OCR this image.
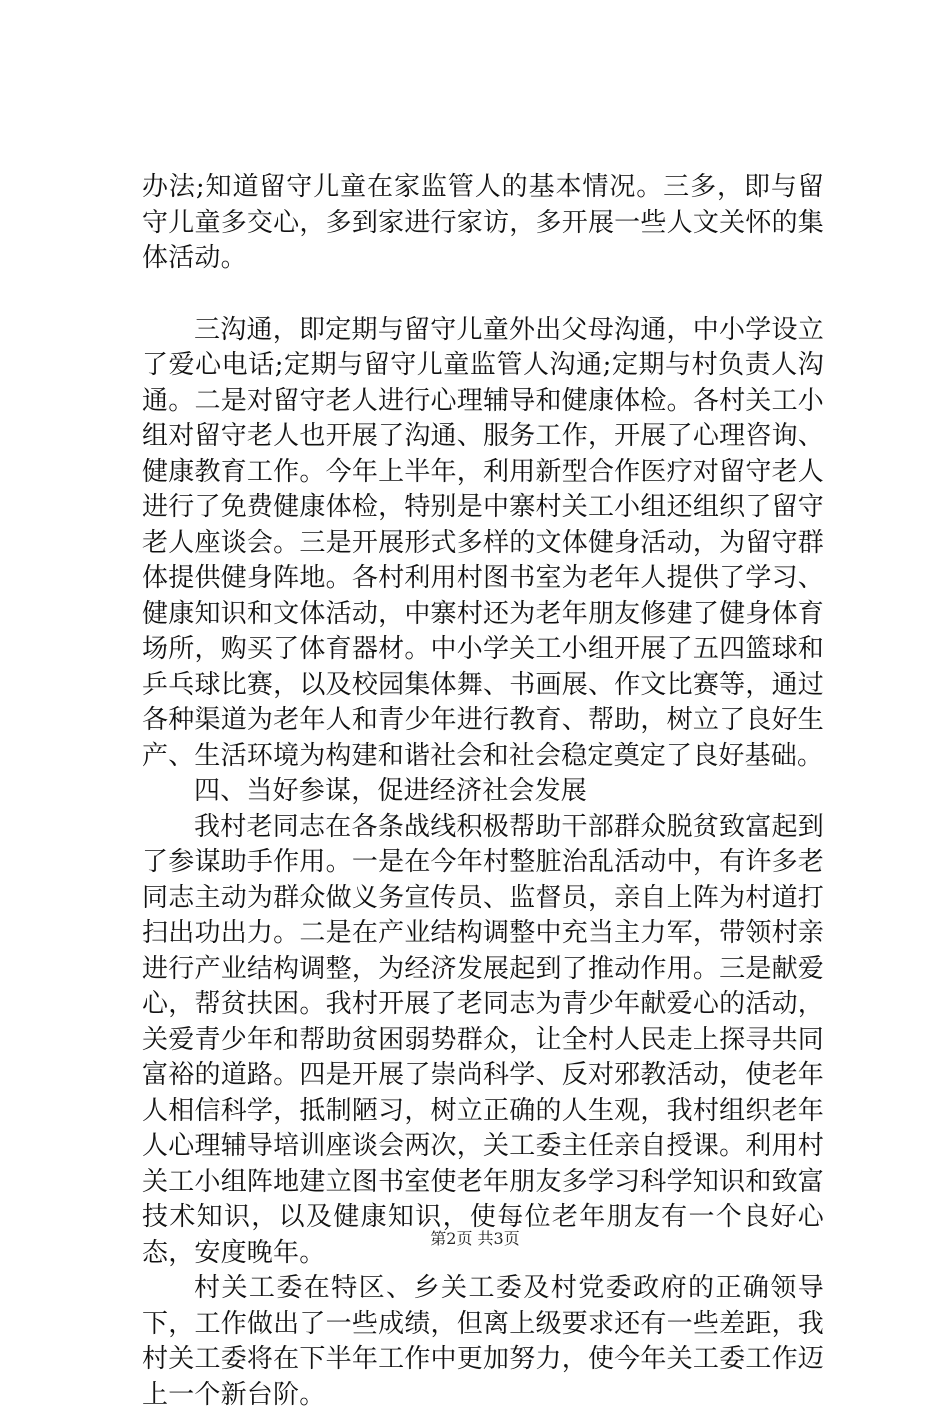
办法;知道留守儿童在家监管人的基本情况。三多，即与留守儿童多交心，多到家进行家访，多开展一些人文关怀的集体活动。

三沟通，即定期与留守儿童外出父母沟通，中小学设立了爱心电话;定期与留守儿童监管人沟通;定期与村负责人沟通。二是对留守老人进行心理辅导和健康体检。各村关工小组对留守老人也开展了沟通、服务工作，开展了心理咨询、健康教育工作。今年上半年，利用新型合作医疗对留守老人进行了免费健康体检，特别是中寨村关工小组还组织了留守老人座谈会。三是开展形式多样的文体健身活动，为留守群体提供健身阵地。各村利用村图书室为老年人提供了学习、健康知识和文体活动，中寨村还为老年朋友修建了健身体育场所，购买了体育器材。中小学关工小组开展了五四篮球和乒乓球比赛，以及校园集体舞、书画展、作文比赛等，通过各种渠道为老年人和青少年进行教育、帮助，树立了良好生产、生活环境为构建和谐社会和社会稳定奠定了良好基础。

四、当好参谋，促进经济社会发展

我村老同志在各条战线积极帮助干部群众脱贫致富起到了参谋助手作用。一是在今年村整脏治乱活动中，有许多老同志主动为群众做义务宣传员、监督员，亲自上阵为村道打扫出功出力。二是在产业结构调整中充当主力军，带领村亲进行产业结构调整，为经济发展起到了推动作用。三是献爱心，帮贫扶困。我村开展了老同志为青少年献爱心的活动，关爱青少年和帮助贫困弱势群众，让全村人民走上探寻共同富裕的道路。四是开展了崇尚科学、反对邪教活动，使老年人相信科学，抵制陋习，树立正确的人生观，我村组织老年人心理辅导培训座谈会两次，关工委主任亲自授课。利用村关工小组阵地建立图书室使老年朋友多学习科学知识和致富技术知识，以及健康知识，使每位老年朋友有一个良好心态，安度晚年。

村关工委在特区、乡关工委及村党委政府的正确领导下，工作做出了一些成绩，但离上级要求还有一些差距，我村关工委将在下半年工作中更加努力，使今年关工委工作迈上一个新台阶。

第2页 共3页
